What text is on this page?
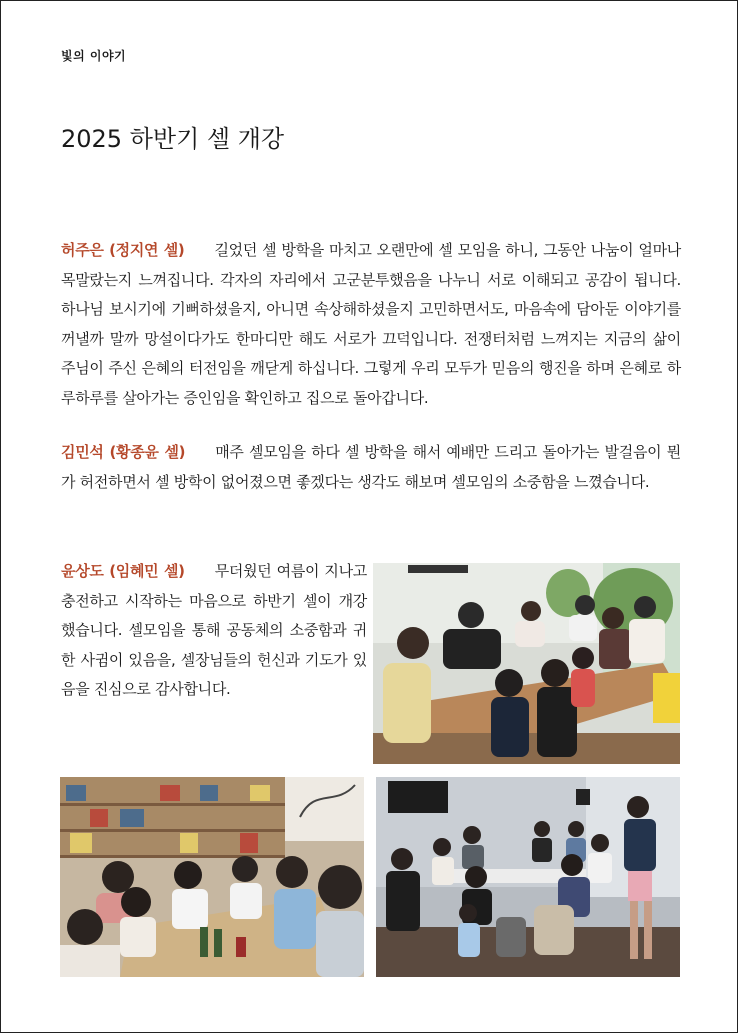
빛의 이야기
2025 하반기 셀 개강

허주은 (정지연 셀) 길었던 셀 방학을 마치고 오랜만에 셀 모임을 하니, 그동안 나눔이 얼마나 목말랐는지 느껴집니다. 각자의 자리에서 고군분투했음을 나누니 서로 이해되고 공감이 됩니다. 하나님 보시기에 기뻐하셨을지, 아니면 속상해하셨을지 고민하면서도, 마음속에 담아둔 이야기를 꺼낼까 말까 망설이다가도 한마디만 해도 서로가 끄덕입니다. 전쟁터처럼 느껴지는 지금의 삶이 주님이 주신 은혜의 터전임을 깨닫게 하십니다. 그렇게 우리 모두가 믿음의 행진을 하며 은혜로 하루하루를 살아가는 증인임을 확인하고 집으로 돌아갑니다.

김민석 (황종윤 셀) 매주 셀모임을 하다 셀 방학을 해서 예배만 드리고 돌아가는 발걸음이 뭔가 허전하면서 셀 방학이 없어졌으면 좋겠다는 생각도 해보며 셀모임의 소중함을 느꼈습니다.

윤상도 (임혜민 셀) 무더웠던 여름이 지나고 충전하고 시작하는 마음으로 하반기 셀이 개강했습니다. 셀모임을 통해 공동체의 소중함과 귀한 사귐이 있음을, 셀장님들의 헌신과 기도가 있음을 진심으로 감사합니다.
